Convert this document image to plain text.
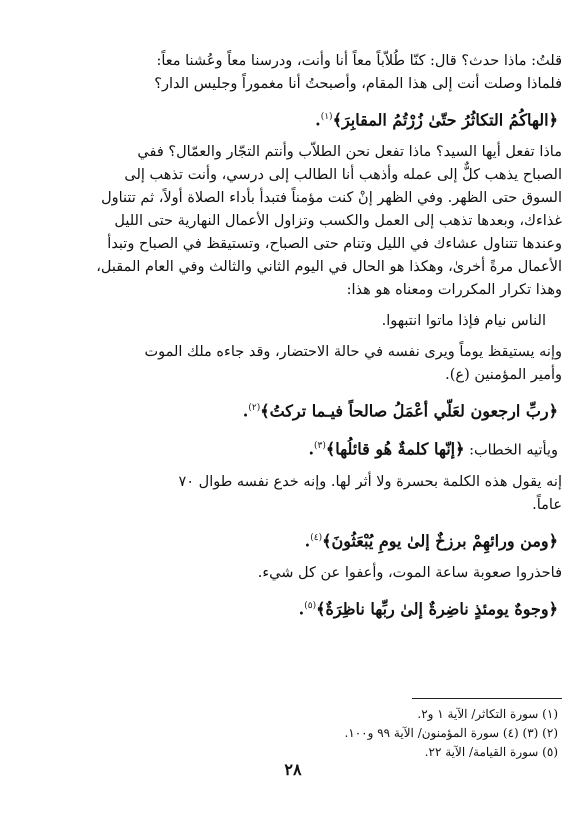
قلتُ: ماذا حدث؟ قال: كنّا طُلاّباً معاً أنا وأنت، ودرسنا معاً وعُشنا معاً:

فلماذا وصلت أنت إلى هذا المقام، وأصبحتُ أنا مغموراً وجليس الدار؟

﴿الهاكُمُ التكاثُرُ حتّىٰ زُرْتُمُ المقابِرَ﴾$^{(١)}$.

ماذا تفعل أيها السيد؟ ماذا تفعل نحن الطلاّب وأنتم التجّار والعمّال؟ ففي

الصباح يذهب كلٌّ إلى عمله وأذهب أنا الطالب إلى درسي، وأنت تذهب إلى

السوق حتى الظهر. وفي الظهر إنْ كنت مؤمناً فتبدأ بأداء الصلاة أولاً، ثم تتناول

غذاءك، وبعدها تذهب إلى العمل والكسب وتزاول الأعمال النهارية حتى الليل

وعندها تتناول عشاءك في الليل وتنام حتى الصباح، وتستيقظ في الصباح وتبدأ

الأعمال مرةً أخرىٰ، وهكذا هو الحال في اليوم الثاني والثالث وفي العام المقبل،

وهذا تكرار المكررات ومعناه هو هذا:

الناس نيام فإذا ماتوا انتبهوا.

وإنه يستيقظ يوماً ويرى نفسه في حالة الاحتضار، وقد جاءه ملك الموت

وأمير المؤمنين (ع).

﴿ربِّ ارجعون لعَلّي أعْمَلُ صالحاً فيـما تركتُ﴾$^{(٢)}$.

ويأتيه الخطاب: ﴿إنّها كلمةٌ هُو قائلُها﴾$^{(٣)}$.

إنه يقول هذه الكلمة بحسرة ولا أثر لها. وإنه خدع نفسه طوال ٧٠

عاماً.

﴿ومن ورائهِمْ برزخٌ إلىٰ يومِ يُبْعَثُونَ﴾$^{(٤)}$.

فاحذروا صعوبة ساعة الموت، وأعفوا عن كل شيء.

﴿وجوهٌ يومئذٍ ناضِرةٌ إلىٰ ربِّها ناظِرَةٌ﴾$^{(٥)}$.

(١) سورة التكاثر/ الآية ١ و٢.

(٢) (٣) (٤) سورة المؤمنون/ الآية ٩٩ و١٠٠.

(٥) سورة القيامة/ الآية ٢٢.

٢٨
